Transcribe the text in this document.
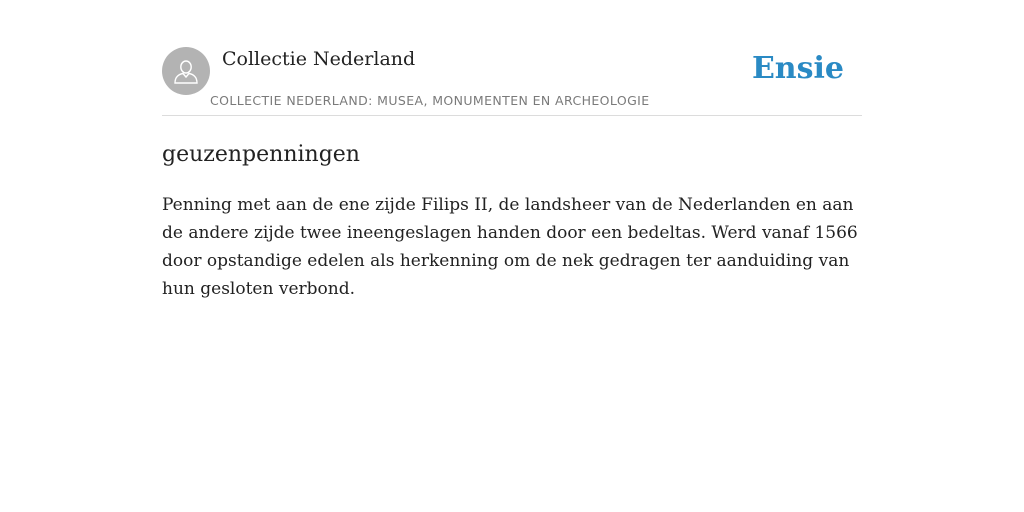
Collectie Nederland
COLLECTIE NEDERLAND: MUSEA, MONUMENTEN EN ARCHEOLOGIE
Ensie
geuzenpenningen
Penning met aan de ene zijde Filips II, de landsheer van de Nederlanden en aan de andere zijde twee ineengeslagen handen door een bedeltas. Werd vanaf 1566 door opstandige edelen als herkenning om de nek gedragen ter aanduiding van hun gesloten verbond.
